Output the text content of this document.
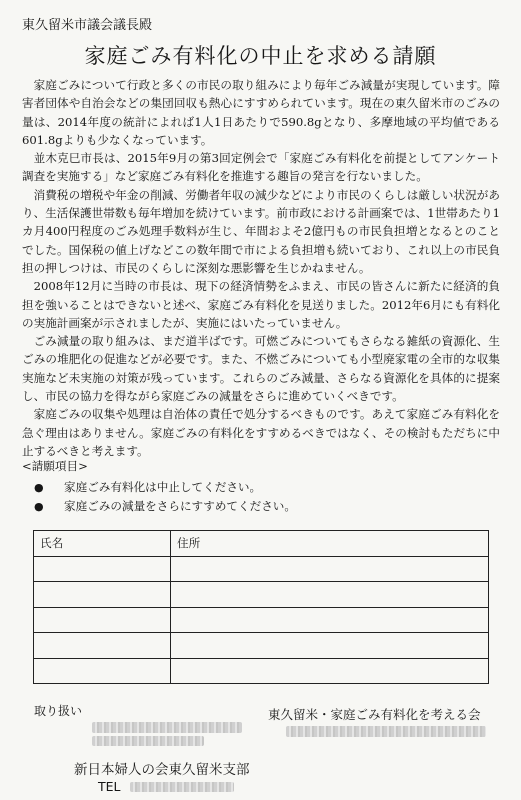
東久留米市議会議長殿
家庭ごみ有料化の中止を求める請願

家庭ごみについて行政と多くの市民の取り組みにより毎年ごみ減量が実現しています。障害者団体や自治会などの集団回収も熱心にすすめられています。現在の東久留米市のごみの量は、2014年度の統計によれば1人1日あたりで590.8gとなり、多摩地域の平均値である601.8gよりも少なくなっています。

並木克巳市長は、2015年9月の第3回定例会で「家庭ごみ有料化を前提としてアンケート調査を実施する」など家庭ごみ有料化を推進する趣旨の発言を行ないました。

消費税の増税や年金の削減、労働者年収の減少などにより市民のくらしは厳しい状況があり、生活保護世帯数も毎年増加を続けています。前市政における計画案では、1世帯あたり1カ月400円程度のごみ処理手数料が生じ、年間およそ2億円もの市民負担増となるとのことでした。国保税の値上げなどこの数年間で市による負担増も続いており、これ以上の市民負担の押しつけは、市民のくらしに深刻な悪影響を生じかねません。

2008年12月に当時の市長は、現下の経済情勢をふまえ、市民の皆さんに新たに経済的負担を強いることはできないと述べ、家庭ごみ有料化を見送りました。2012年6月にも有料化の実施計画案が示されましたが、実施にはいたっていません。

ごみ減量の取り組みは、まだ道半ばです。可燃ごみについてもさらなる雑紙の資源化、生ごみの堆肥化の促進などが必要です。また、不燃ごみについても小型廃家電の全市的な収集実施など未実施の対策が残っています。これらのごみ減量、さらなる資源化を具体的に提案し、市民の協力を得ながら家庭ごみの減量をさらに進めていくべきです。

家庭ごみの収集や処理は自治体の責任で処分するべきものです。あえて家庭ごみ有料化を急ぐ理由はありません。家庭ごみの有料化をすすめるべきではなく、その検討もただちに中止するべきと考えます。

<請願項目>
●	家庭ごみ有料化は中止してください。
●	家庭ごみの減量をさらにすすめてください。
氏名	住所

取り扱い	東久留米・家庭ごみ有料化を考える会
新日本婦人の会東久留米支部
TEL
